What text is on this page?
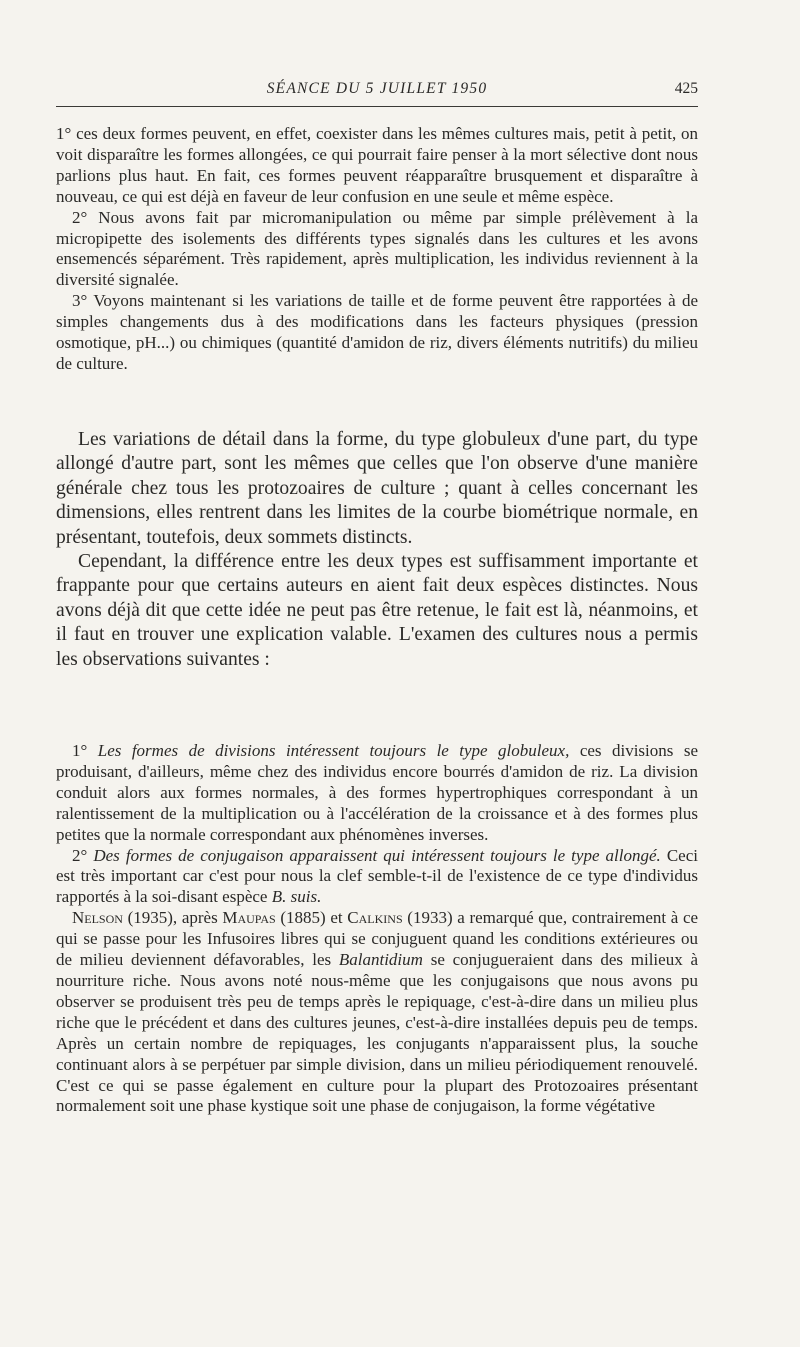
SÉANCE DU 5 JUILLET 1950	425

1° ces deux formes peuvent, en effet, coexister dans les mêmes cultures mais, petit à petit, on voit disparaître les formes allongées, ce qui pourrait faire penser à la mort sélective dont nous parlions plus haut. En fait, ces formes peuvent réapparaître brusquement et disparaître à nouveau, ce qui est déjà en faveur de leur confusion en une seule et même espèce.

2° Nous avons fait par micromanipulation ou même par simple prélèvement à la micropipette des isolements des différents types signalés dans les cultures et les avons ensemencés séparément. Très rapidement, après multiplication, les individus reviennent à la diversité signalée.

3° Voyons maintenant si les variations de taille et de forme peuvent être rapportées à de simples changements dus à des modifications dans les facteurs physiques (pression osmotique, pH...) ou chimiques (quantité d'amidon de riz, divers éléments nutritifs) du milieu de culture.

Les variations de détail dans la forme, du type globuleux d'une part, du type allongé d'autre part, sont les mêmes que celles que l'on observe d'une manière générale chez tous les protozoaires de culture ; quant à celles concernant les dimensions, elles rentrent dans les limites de la courbe biométrique normale, en présentant, toutefois, deux sommets distincts.

Cependant, la différence entre les deux types est suffisamment importante et frappante pour que certains auteurs en aient fait deux espèces distinctes. Nous avons déjà dit que cette idée ne peut pas être retenue, le fait est là, néanmoins, et il faut en trouver une explication valable. L'examen des cultures nous a permis les observations suivantes :

1° Les formes de divisions intéressent toujours le type globuleux, ces divisions se produisant, d'ailleurs, même chez des individus encore bourrés d'amidon de riz. La division conduit alors aux formes normales, à des formes hypertrophiques correspondant à un ralentissement de la multiplication ou à l'accélération de la croissance et à des formes plus petites que la normale correspondant aux phénomènes inverses.

2° Des formes de conjugaison apparaissent qui intéressent toujours le type allongé. Ceci est très important car c'est pour nous la clef semble-t-il de l'existence de ce type d'individus rapportés à la soi-disant espèce B. suis.

Nelson (1935), après Maupas (1885) et Calkins (1933) a remarqué que, contrairement à ce qui se passe pour les Infusoires libres qui se conjuguent quand les conditions extérieures ou de milieu deviennent défavorables, les Balantidium se conjugueraient dans des milieux à nourriture riche. Nous avons noté nous-même que les conjugaisons que nous avons pu observer se produisent très peu de temps après le repiquage, c'est-à-dire dans un milieu plus riche que le précédent et dans des cultures jeunes, c'est-à-dire installées depuis peu de temps. Après un certain nombre de repiquages, les conjugants n'apparaissent plus, la souche continuant alors à se perpétuer par simple division, dans un milieu périodiquement renouvelé. C'est ce qui se passe également en culture pour la plupart des Protozoaires présentant normalement soit une phase kystique soit une phase de conjugaison, la forme végétative
